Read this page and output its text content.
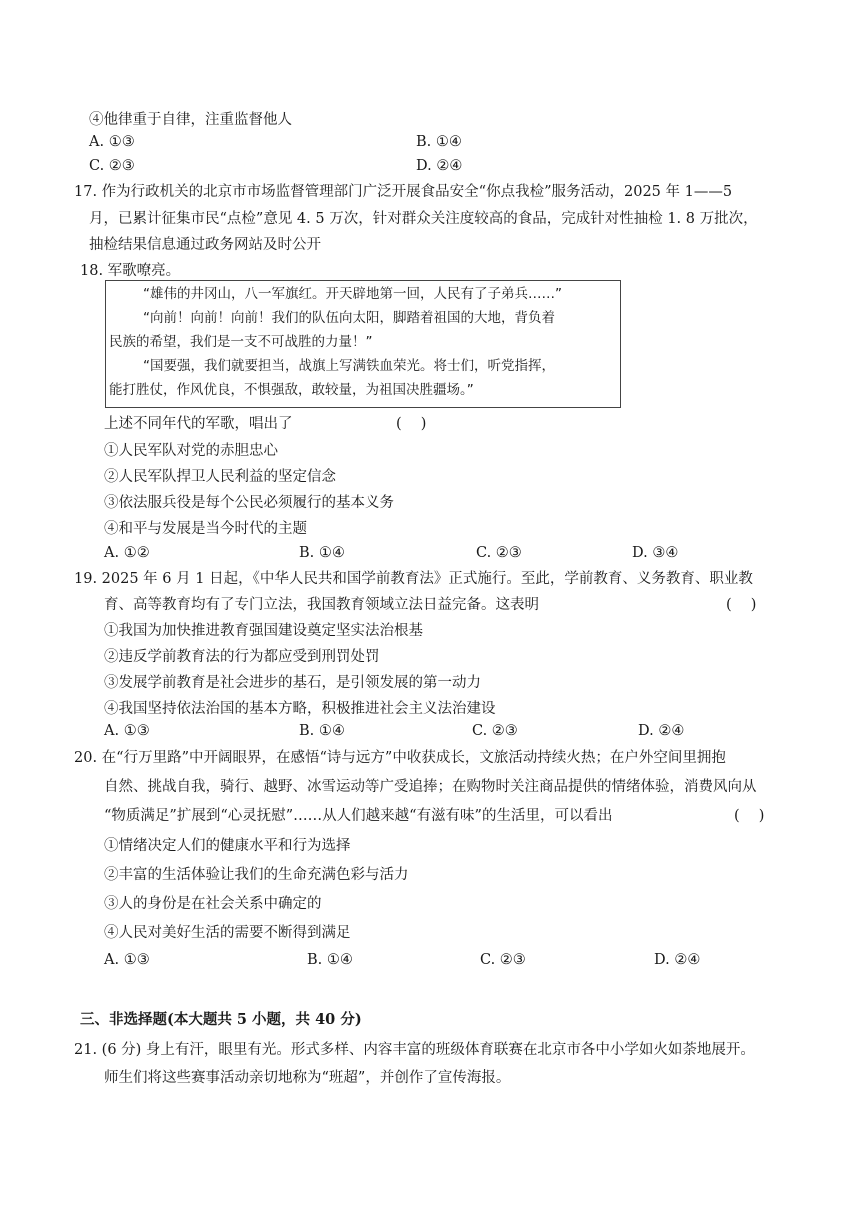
④他律重于自律，注重监督他人
A. ①③	B. ①④
C. ②③	D. ②④
17. 作为行政机关的北京市市场监督管理部门广泛开展食品安全“你点我检”服务活动，2025 年 1——5
月，已累计征集市民“点检”意见 4. 5 万次，针对群众关注度较高的食品，完成针对性抽检 1. 8 万批次，
抽检结果信息通过政务网站及时公开
18. 军歌嘹亮。
“雄伟的井冈山，八一军旗红。开天辟地第一回，人民有了子弟兵……”
“向前！向前！向前！我们的队伍向太阳，脚踏着祖国的大地，背负着
民族的希望，我们是一支不可战胜的力量！”
“国要强，我们就要担当，战旗上写满铁血荣光。将士们，听党指挥，
能打胜仗，作风优良，不惧强敌，敢较量，为祖国决胜疆场。”
上述不同年代的军歌，唱出了	(　 )
①人民军队对党的赤胆忠心
②人民军队捍卫人民利益的坚定信念
③依法服兵役是每个公民必须履行的基本义务
④和平与发展是当今时代的主题
A. ①②	B. ①④	C. ②③	D. ③④
19. 2025 年 6 月 1 日起，《中华人民共和国学前教育法》正式施行。至此，学前教育、义务教育、职业教
育、高等教育均有了专门立法，我国教育领域立法日益完备。这表明	(　 )
①我国为加快推进教育强国建设奠定坚实法治根基
②违反学前教育法的行为都应受到刑罚处罚
③发展学前教育是社会进步的基石，是引领发展的第一动力
④我国坚持依法治国的基本方略，积极推进社会主义法治建设
A. ①③	B. ①④	C. ②③	D. ②④
20. 在“行万里路”中开阔眼界，在感悟“诗与远方”中收获成长，文旅活动持续火热；在户外空间里拥抱
自然、挑战自我，骑行、越野、冰雪运动等广受追捧；在购物时关注商品提供的情绪体验，消费风向从
“物质满足”扩展到“心灵抚慰”……从人们越来越“有滋有味”的生活里，可以看出	(　 )
①情绪决定人们的健康水平和行为选择
②丰富的生活体验让我们的生命充满色彩与活力
③人的身份是在社会关系中确定的
④人民对美好生活的需要不断得到满足
A. ①③	B. ①④	C. ②③	D. ②④
三、非选择题(本大题共 5 小题，共 40 分)
21. (6 分) 身上有汗，眼里有光。形式多样、内容丰富的班级体育联赛在北京市各中小学如火如荼地展开。
师生们将这些赛事活动亲切地称为“班超”，并创作了宣传海报。
